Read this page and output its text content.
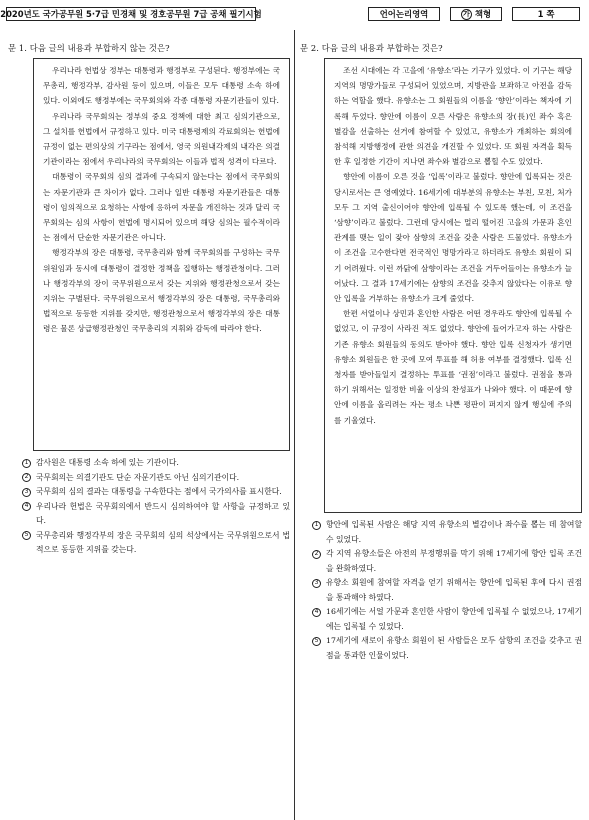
2020년도 국가공무원 5·7급 민경채 및 경호공무원 7급 공채 필기시험	언어논리영역	가 책형	1 쪽
문 1. 다음 글의 내용과 부합하지 않는 것은?

우리나라 헌법상 정부는 대통령과 행정부로 구성된다. 행정부에는 국무총리, 행정각부, 감사원 등이 있으며, 이들은 모두 대통령 소속 하에 있다. 이외에도 행정부에는 국무회의와 각종 대통령 자문기관들이 있다.

우리나라 국무회의는 정부의 중요 정책에 대한 최고 심의기관으로, 그 설치를 헌법에서 규정하고 있다. 미국 대통령제의 각료회의는 헌법에 규정이 없는 편의상의 기구라는 점에서, 영국 의원내각제의 내각은 의결기관이라는 점에서 우리나라의 국무회의는 이들과 법적 성격이 다르다.

대통령이 국무회의 심의 결과에 구속되지 않는다는 점에서 국무회의는 자문기관과 큰 차이가 없다. 그러나 일반 대통령 자문기관들은 대통령이 임의적으로 요청하는 사항에 응하여 자문을 개진하는 것과 달리 국무회의는 심의 사항이 헌법에 명시되어 있으며 해당 심의는 필수적이라는 점에서 단순한 자문기관은 아니다.

행정각부의 장은 대통령, 국무총리와 함께 국무회의를 구성하는 국무위원임과 동시에 대통령이 결정한 정책을 집행하는 행정관청이다. 그러나 행정각부의 장이 국무위원으로서 갖는 지위와 행정관청으로서 갖는 지위는 구별된다. 국무위원으로서 행정각부의 장은 대통령, 국무총리와 법적으로 동등한 지위를 갖지만, 행정관청으로서 행정각부의 장은 대통령은 물론 상급행정관청인 국무총리의 지휘와 감독에 따라야 한다.

1 감사원은 대통령 소속 하에 있는 기관이다.
2 국무회의는 의결기관도 단순 자문기관도 아닌 심의기관이다.
3 국무회의 심의 결과는 대통령을 구속한다는 점에서 국가의사를 표시한다.
4 우리나라 헌법은 국무회의에서 반드시 심의하여야 할 사항을 규정하고 있다.
5 국무총리와 행정각부의 장은 국무회의 심의 석상에서는 국무위원으로서 법적으로 동등한 지위를 갖는다.
문 2. 다음 글의 내용과 부합하는 것은?

조선 시대에는 각 고을에 ‘유향소’라는 기구가 있었다. 이 기구는 해당 지역의 명망가들로 구성되어 있었으며, 지방관을 보좌하고 아전을 감독하는 역할을 했다. 유향소는 그 회원들의 이름을 ‘향안’이라는 책자에 기록해 두었다. 향안에 이름이 오른 사람은 유향소의 장(長)인 좌수 혹은 별감을 선출하는 선거에 참여할 수 있었고, 유향소가 개최하는 회의에 참석해 지방행정에 관한 의견을 개진할 수 있었다. 또 회원 자격을 획득한 후 일정한 기간이 지나면 좌수와 별감으로 뽑힐 수도 있었다.

향안에 이름이 오른 것을 ‘입록’이라고 불렀다. 향안에 입록되는 것은 당시로서는 큰 영예였다. 16세기에 대부분의 유향소는 부친, 모친, 처가 모두 그 지역 출신이어야 향안에 입록될 수 있도록 했는데, 이 조건을 ‘삼향’이라고 불렀다. 그런데 당시에는 멀리 떨어진 고을의 가문과 혼인 관계를 맺는 일이 잦아 삼향의 조건을 갖춘 사람은 드물었다. 유향소가 이 조건을 고수한다면 전국적인 명망가라고 하더라도 유향소 회원이 되기 어려웠다. 이런 까닭에 삼향이라는 조건을 거두어들이는 유향소가 늘어났다. 그 결과 17세기에는 삼향의 조건을 갖추지 않았다는 이유로 향안 입록을 거부하는 유향소가 크게 줄었다.

한편 서얼이나 상민과 혼인한 사람은 어떤 경우라도 향안에 입록될 수 없었고, 이 규정이 사라진 적도 없었다. 향안에 들어가고자 하는 사람은 기존 유향소 회원들의 동의도 받아야 했다. 향안 입록 신청자가 생기면 유향소 회원들은 한 곳에 모여 투표를 해 허용 여부를 결정했다. 입록 신청자를 받아들일지 결정하는 투표를 ‘권점’이라고 불렀다. 권점을 통과하기 위해서는 일정한 비율 이상의 찬성표가 나와야 했다. 이 때문에 향안에 이름을 올리려는 자는 평소 나쁜 평판이 퍼지지 않게 행실에 주의를 기울였다.

1 향안에 입록된 사람은 해당 지역 유향소의 별감이나 좌수를 뽑는 데 참여할 수 있었다.
2 각 지역 유향소들은 아전의 부정행위를 막기 위해 17세기에 향안 입록 조건을 완화하였다.
3 유향소 회원에 참여할 자격을 얻기 위해서는 향안에 입록된 후에 다시 권점을 통과해야 하였다.
4 16세기에는 서얼 가문과 혼인한 사람이 향안에 입록될 수 없었으나, 17세기에는 입록될 수 있었다.
5 17세기에 새로이 유향소 회원이 된 사람들은 모두 삼향의 조건을 갖추고 권점을 통과한 인물이었다.
